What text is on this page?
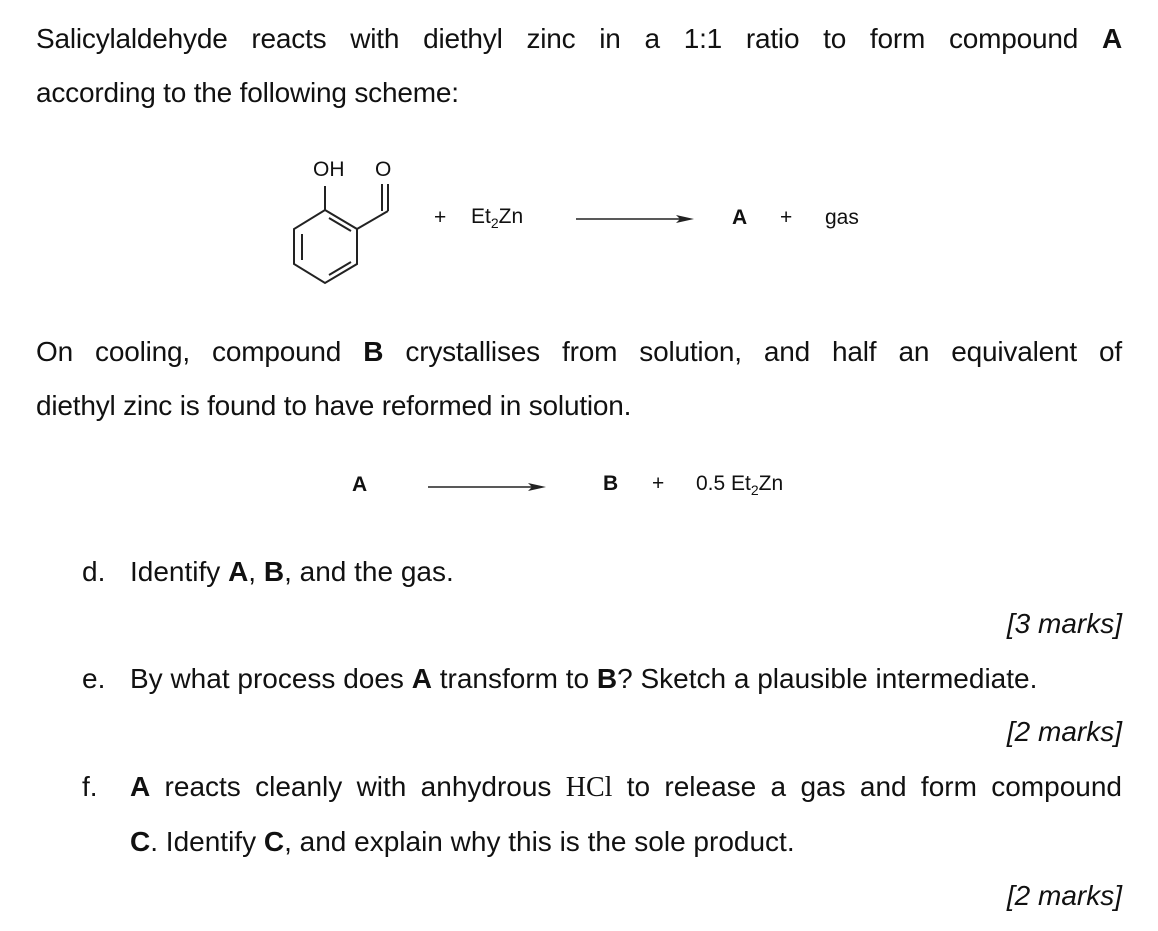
Salicylaldehyde reacts with diethyl zinc in a 1:1 ratio to form compound A
according to the following scheme:
OH O
+ $Et_2Zn$	A + gas
On cooling, compound B crystallises from solution, and half an equivalent of
diethyl zinc is found to have reformed in solution.
A	B + 0.5 $Et_2Zn$
d. Identify A, B, and the gas.
[3 marks]
e. By what process does A transform to B? Sketch a plausible intermediate.
[2 marks]
f.	A reacts cleanly with anhydrous HCl to release a gas and form compound
C. Identify C, and explain why this is the sole product.
[2 marks]
